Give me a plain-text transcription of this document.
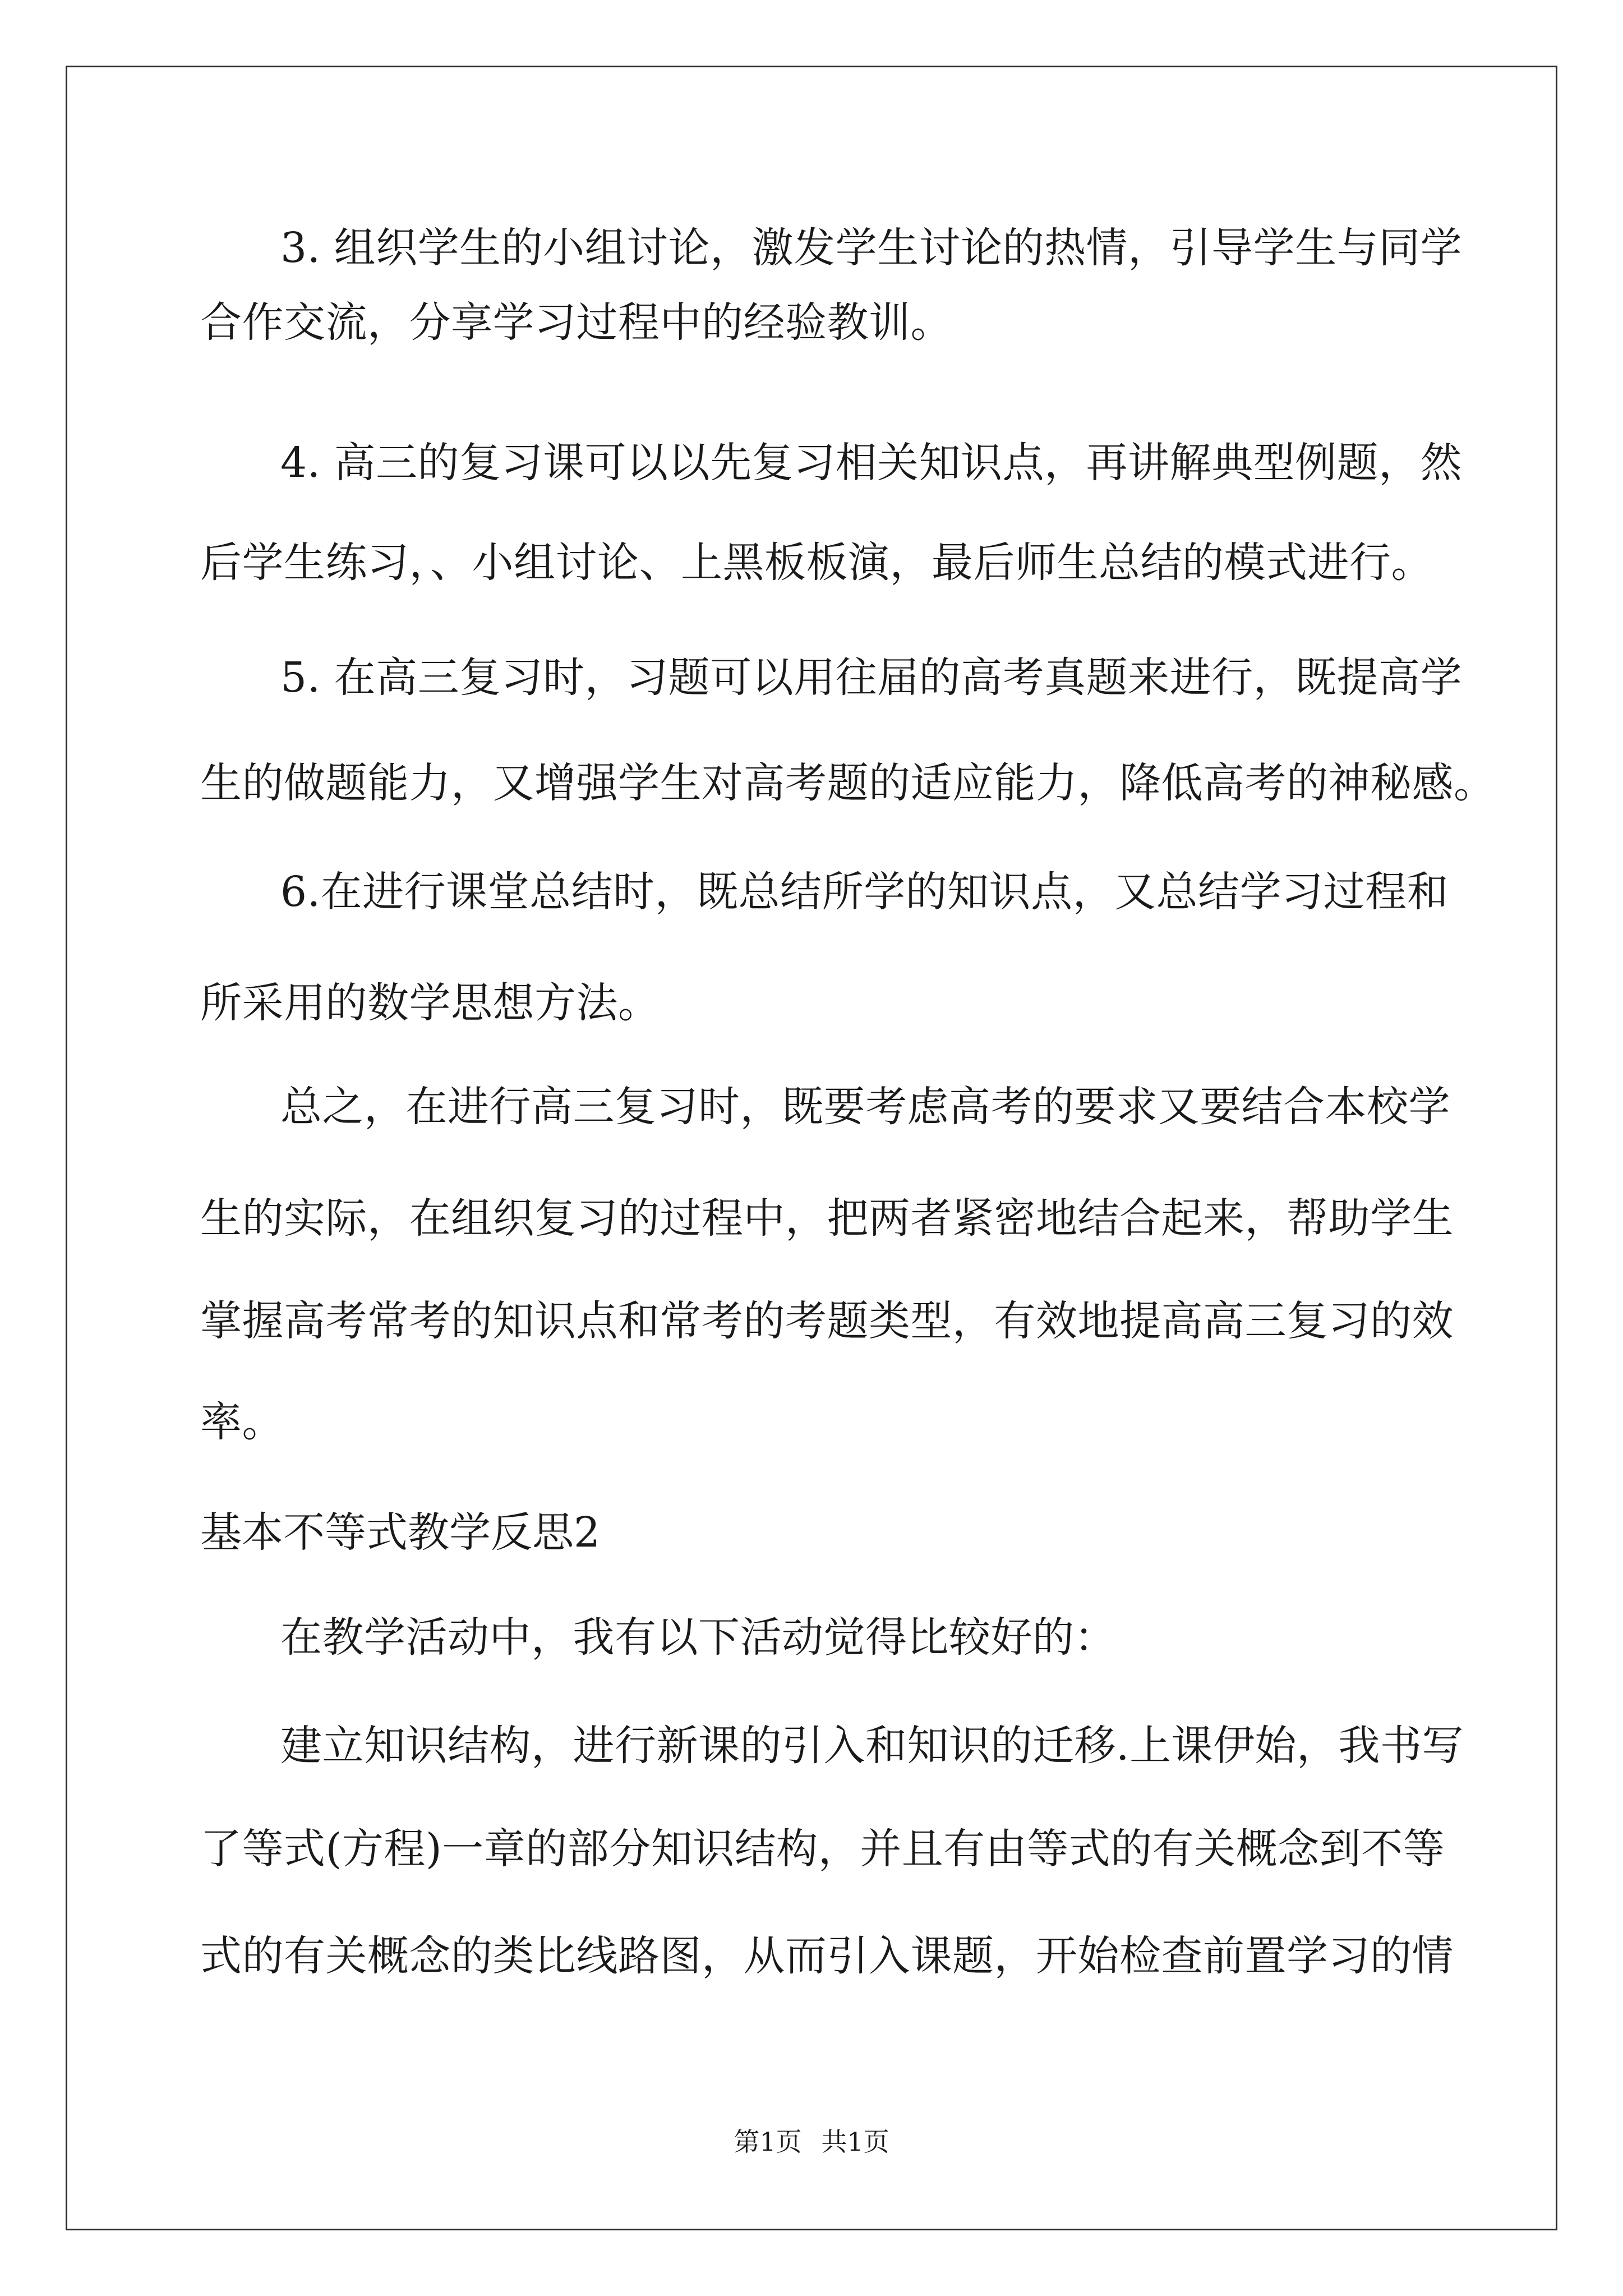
3. 组织学生的小组讨论，激发学生讨论的热情，引导学生与同学
合作交流，分享学习过程中的经验教训。
4. 高三的复习课可以以先复习相关知识点，再讲解典型例题，然
后学生练习，、小组讨论、上黑板板演，最后师生总结的模式进行。
5. 在高三复习时，习题可以用往届的高考真题来进行，既提高学
生的做题能力，又增强学生对高考题的适应能力，降低高考的神秘感。
6.在进行课堂总结时，既总结所学的知识点，又总结学习过程和
所采用的数学思想方法。
总之，在进行高三复习时，既要考虑高考的要求又要结合本校学
生的实际，在组织复习的过程中，把两者紧密地结合起来，帮助学生
掌握高考常考的知识点和常考的考题类型，有效地提高高三复习的效
率。
基本不等式教学反思2
在教学活动中，我有以下活动觉得比较好的：
建立知识结构，进行新课的引入和知识的迁移.上课伊始，我书写
了等式(方程)一章的部分知识结构，并且有由等式的有关概念到不等
式的有关概念的类比线路图，从而引入课题，开始检查前置学习的情
第1页 共1页
